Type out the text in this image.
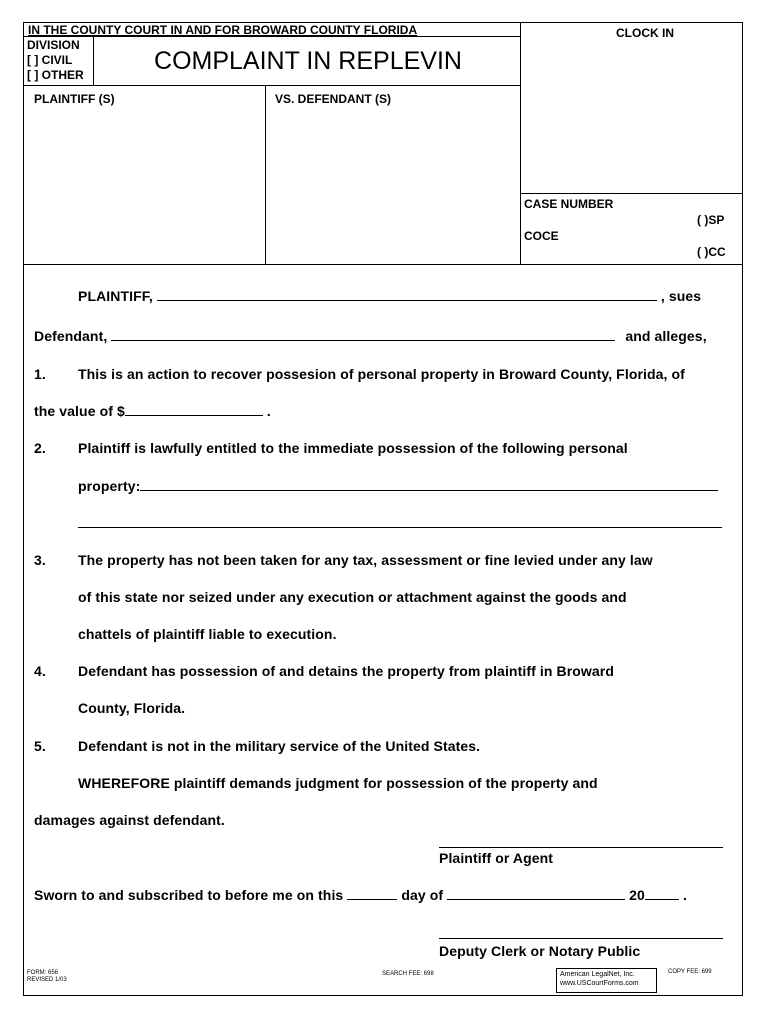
IN THE COUNTY COURT IN AND FOR BROWARD COUNTY FLORIDA
DIVISION
[ ] CIVIL
[ ] OTHER	COMPLAINT IN REPLEVIN
CLOCK IN
PLAINTIFF (S)	VS. DEFENDANT (S)
CASE NUMBER
( )SP
COCE
( )CC
PLAINTIFF,	, sues
Defendant,	and alleges,
1. This is an action to recover possesion of personal property in Broward County, Florida, of
the value of $	.
2. Plaintiff is lawfully entitled to the immediate possession of the following personal
property:
3. The property has not been taken for any tax, assessment or fine levied under any law
of this state nor seized under any execution or attachment against the goods and
chattels of plaintiff liable to execution.
4. Defendant has possession of and detains the property from plaintiff in Broward
County, Florida.
5. Defendant is not in the military service of the United States.
WHEREFORE plaintiff demands judgment for possession of the property and
damages against defendant.
Plaintiff or Agent
Sworn to and subscribed to before me on this	day of	20	.
Deputy Clerk or Notary Public
FORM: 656
REVISED 1/03
SEARCH FEE: 698	American LegalNet, Inc.
www.USCourtForms.com
COPY FEE: 699
